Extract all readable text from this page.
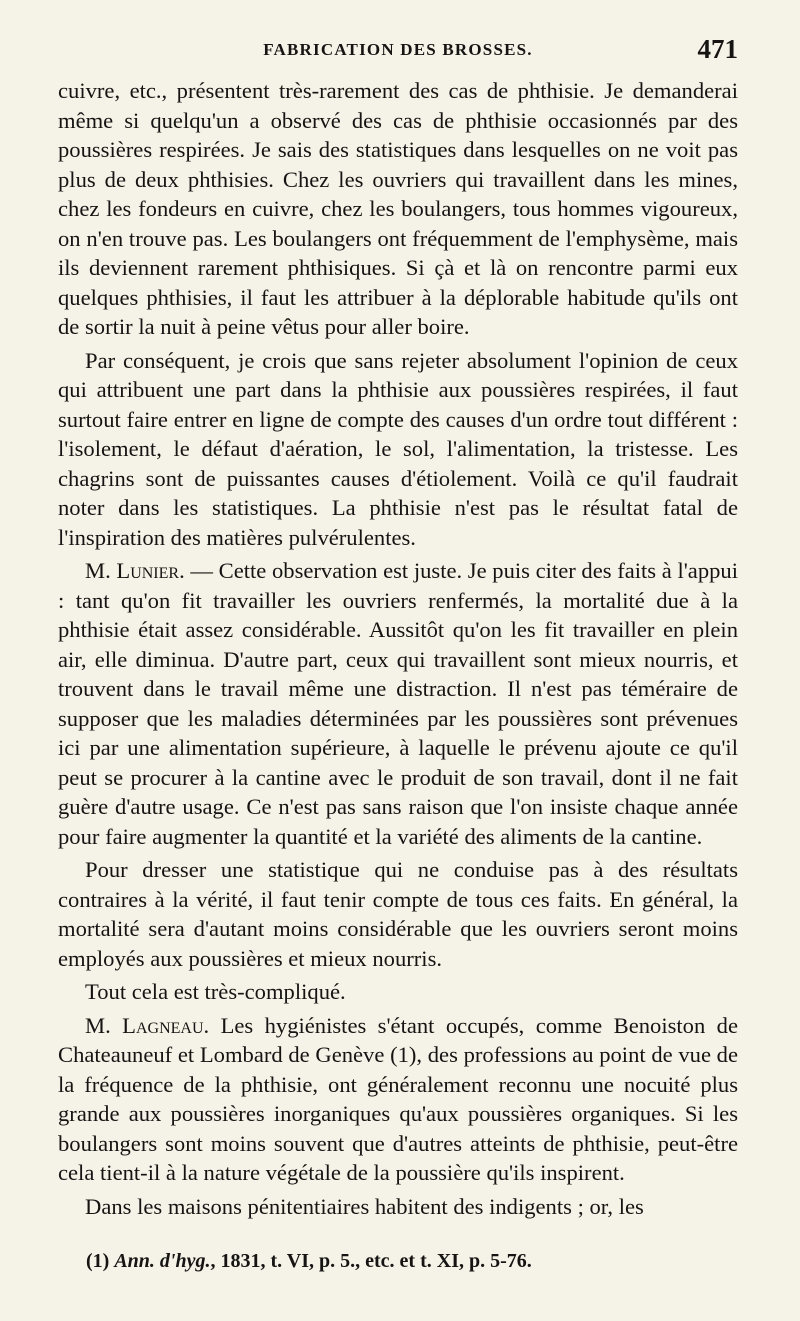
FABRICATION DES BROSSES.	471

cuivre, etc., présentent très-rarement des cas de phthisie. Je demanderai même si quelqu'un a observé des cas de phthisie occasionnés par des poussières respirées. Je sais des statistiques dans lesquelles on ne voit pas plus de deux phthisies. Chez les ouvriers qui travaillent dans les mines, chez les fondeurs en cuivre, chez les boulangers, tous hommes vigoureux, on n'en trouve pas. Les boulangers ont fréquemment de l'emphysème, mais ils deviennent rarement phthisiques. Si çà et là on rencontre parmi eux quelques phthisies, il faut les attribuer à la déplorable habitude qu'ils ont de sortir la nuit à peine vêtus pour aller boire.

Par conséquent, je crois que sans rejeter absolument l'opinion de ceux qui attribuent une part dans la phthisie aux poussières respirées, il faut surtout faire entrer en ligne de compte des causes d'un ordre tout différent : l'isolement, le défaut d'aération, le sol, l'alimentation, la tristesse. Les chagrins sont de puissantes causes d'étiolement. Voilà ce qu'il faudrait noter dans les statistiques. La phthisie n'est pas le résultat fatal de l'inspiration des matières pulvérulentes.

M. Lunier. — Cette observation est juste. Je puis citer des faits à l'appui : tant qu'on fit travailler les ouvriers renfermés, la mortalité due à la phthisie était assez considérable. Aussitôt qu'on les fit travailler en plein air, elle diminua. D'autre part, ceux qui travaillent sont mieux nourris, et trouvent dans le travail même une distraction. Il n'est pas téméraire de supposer que les maladies déterminées par les poussières sont prévenues ici par une alimentation supérieure, à laquelle le prévenu ajoute ce qu'il peut se procurer à la cantine avec le produit de son travail, dont il ne fait guère d'autre usage. Ce n'est pas sans raison que l'on insiste chaque année pour faire augmenter la quantité et la variété des aliments de la cantine.

Pour dresser une statistique qui ne conduise pas à des résultats contraires à la vérité, il faut tenir compte de tous ces faits. En général, la mortalité sera d'autant moins considérable que les ouvriers seront moins employés aux poussières et mieux nourris.

Tout cela est très-compliqué.

M. Lagneau. Les hygiénistes s'étant occupés, comme Benoiston de Chateauneuf et Lombard de Genève (1), des professions au point de vue de la fréquence de la phthisie, ont généralement reconnu une nocuité plus grande aux poussières inorganiques qu'aux poussières organiques. Si les boulangers sont moins souvent que d'autres atteints de phthisie, peut-être cela tient-il à la nature végétale de la poussière qu'ils inspirent.

Dans les maisons pénitentiaires habitent des indigents ; or, les

(1) Ann. d'hyg., 1831, t. VI, p. 5., etc. et t. XI, p. 5-76.
